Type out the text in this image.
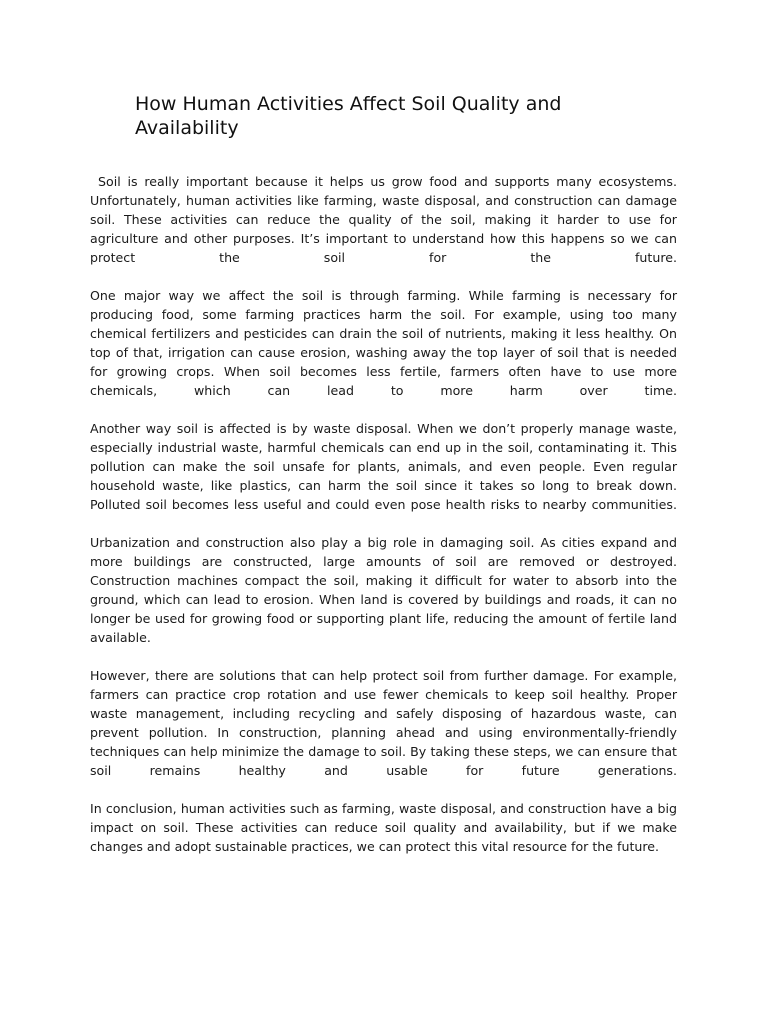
How Human Activities Affect Soil Quality and Availability

Soil is really important because it helps us grow food and supports many ecosystems. Unfortunately, human activities like farming, waste disposal, and construction can damage soil. These activities can reduce the quality of the soil, making it harder to use for agriculture and other purposes. It’s important to understand how this happens so we can protect the soil for the future.

One major way we affect the soil is through farming. While farming is necessary for producing food, some farming practices harm the soil. For example, using too many chemical fertilizers and pesticides can drain the soil of nutrients, making it less healthy. On top of that, irrigation can cause erosion, washing away the top layer of soil that is needed for growing crops. When soil becomes less fertile, farmers often have to use more chemicals, which can lead to more harm over time.

Another way soil is affected is by waste disposal. When we don’t properly manage waste, especially industrial waste, harmful chemicals can end up in the soil, contaminating it. This pollution can make the soil unsafe for plants, animals, and even people. Even regular household waste, like plastics, can harm the soil since it takes so long to break down. Polluted soil becomes less useful and could even pose health risks to nearby communities.

Urbanization and construction also play a big role in damaging soil. As cities expand and more buildings are constructed, large amounts of soil are removed or destroyed. Construction machines compact the soil, making it difficult for water to absorb into the ground, which can lead to erosion. When land is covered by buildings and roads, it can no longer be used for growing food or supporting plant life, reducing the amount of fertile land available.

However, there are solutions that can help protect soil from further damage. For example, farmers can practice crop rotation and use fewer chemicals to keep soil healthy. Proper waste management, including recycling and safely disposing of hazardous waste, can prevent pollution. In construction, planning ahead and using environmentally-friendly techniques can help minimize the damage to soil. By taking these steps, we can ensure that soil remains healthy and usable for future generations.

In conclusion, human activities such as farming, waste disposal, and construction have a big impact on soil. These activities can reduce soil quality and availability, but if we make changes and adopt sustainable practices, we can protect this vital resource for the future.
